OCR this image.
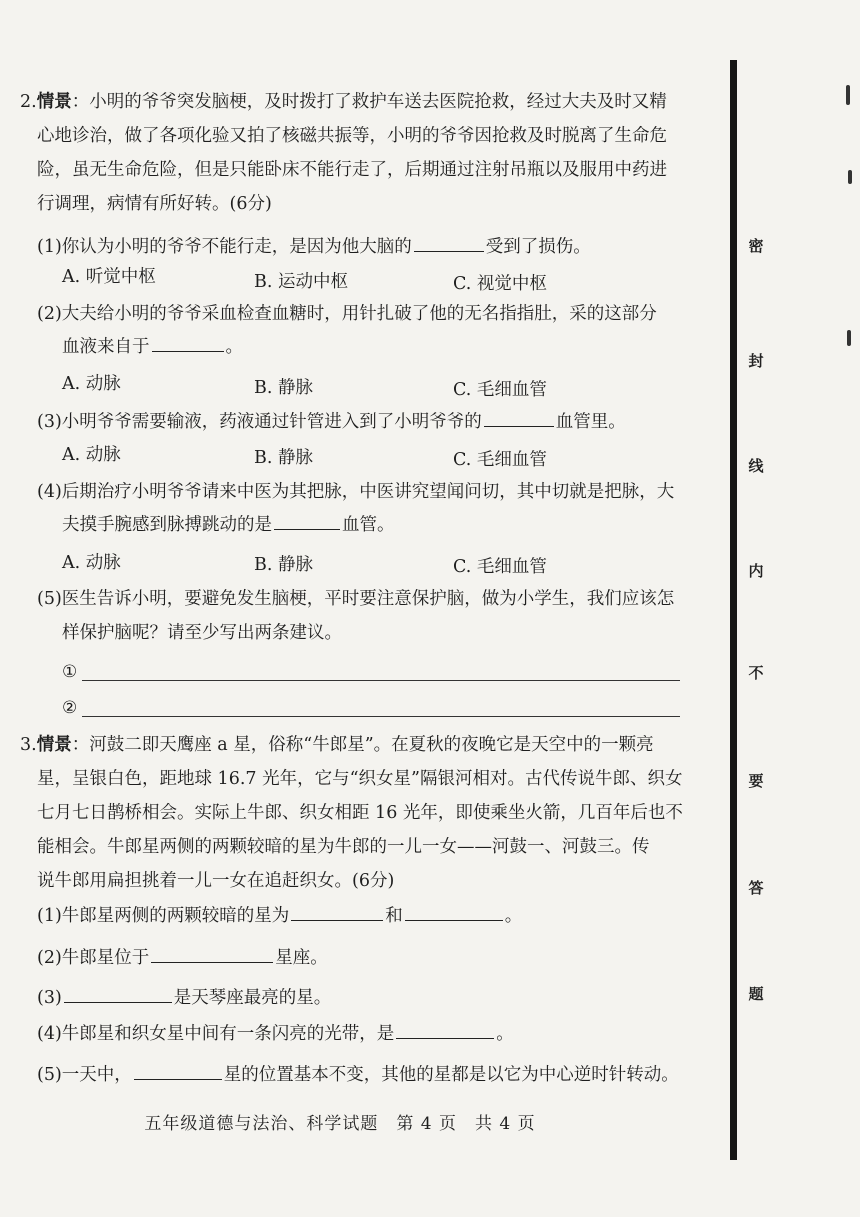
2.情景：小明的爷爷突发脑梗，及时拨打了救护车送去医院抢救，经过大夫及时又精
心地诊治，做了各项化验又拍了核磁共振等，小明的爷爷因抢救及时脱离了生命危
险，虽无生命危险，但是只能卧床不能行走了，后期通过注射吊瓶以及服用中药进
行调理，病情有所好转。(6分)
(1)你认为小明的爷爷不能行走，是因为他大脑的	受到了损伤。
A. 听觉中枢	B. 运动中枢	C. 视觉中枢
(2)大夫给小明的爷爷采血检查血糖时，用针扎破了他的无名指指肚，采的这部分
血液来自于	。
A. 动脉	B. 静脉	C. 毛细血管
(3)小明爷爷需要输液，药液通过针管进入到了小明爷爷的	血管里。
A. 动脉	B. 静脉	C. 毛细血管
(4)后期治疗小明爷爷请来中医为其把脉，中医讲究望闻问切，其中切就是把脉，大
夫摸手腕感到脉搏跳动的是	血管。
A. 动脉	B. 静脉	C. 毛细血管
(5)医生告诉小明，要避免发生脑梗，平时要注意保护脑，做为小学生，我们应该怎
样保护脑呢？请至少写出两条建议。
①
②
3.情景：河鼓二即天鹰座 a 星，俗称“牛郎星”。在夏秋的夜晚它是天空中的一颗亮
星，呈银白色，距地球 16.7 光年，它与“织女星”隔银河相对。古代传说牛郎、织女
七月七日鹊桥相会。实际上牛郎、织女相距 16 光年，即使乘坐火箭，几百年后也不
能相会。牛郎星两侧的两颗较暗的星为牛郎的一儿一女——河鼓一、河鼓三。传
说牛郎用扁担挑着一儿一女在追赶织女。(6分)
(1)牛郎星两侧的两颗较暗的星为	和	。
(2)牛郎星位于	星座。
(3)	是天琴座最亮的星。
(4)牛郎星和织女星中间有一条闪亮的光带，是	。
(5)一天中，	星的位置基本不变，其他的星都是以它为中心逆时针转动。
五年级道德与法治、科学试题　第 4 页　共 4 页
密
封
线
内
不
要
答
题
